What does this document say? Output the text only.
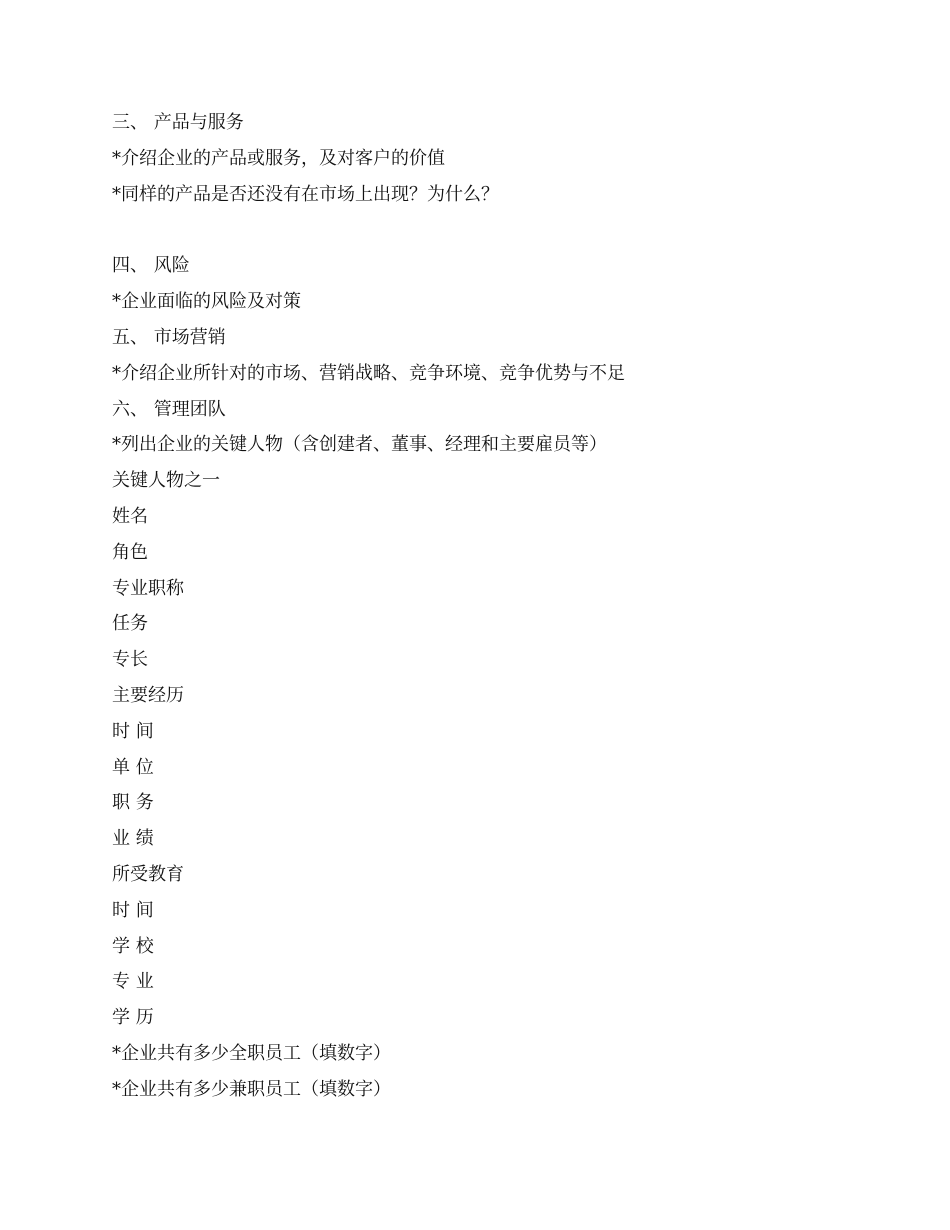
三、 产品与服务
*介绍企业的产品或服务，及对客户的价值
*同样的产品是否还没有在市场上出现？为什么？
四、 风险
*企业面临的风险及对策
五、 市场营销
*介绍企业所针对的市场、营销战略、竞争环境、竞争优势与不足
六、 管理团队
*列出企业的关键人物（含创建者、董事、经理和主要雇员等）
关键人物之一
姓名
角色
专业职称
任务
专长
主要经历
时 间
单 位
职 务
业 绩
所受教育
时 间
学 校
专 业
学 历
*企业共有多少全职员工（填数字）
*企业共有多少兼职员工（填数字）
